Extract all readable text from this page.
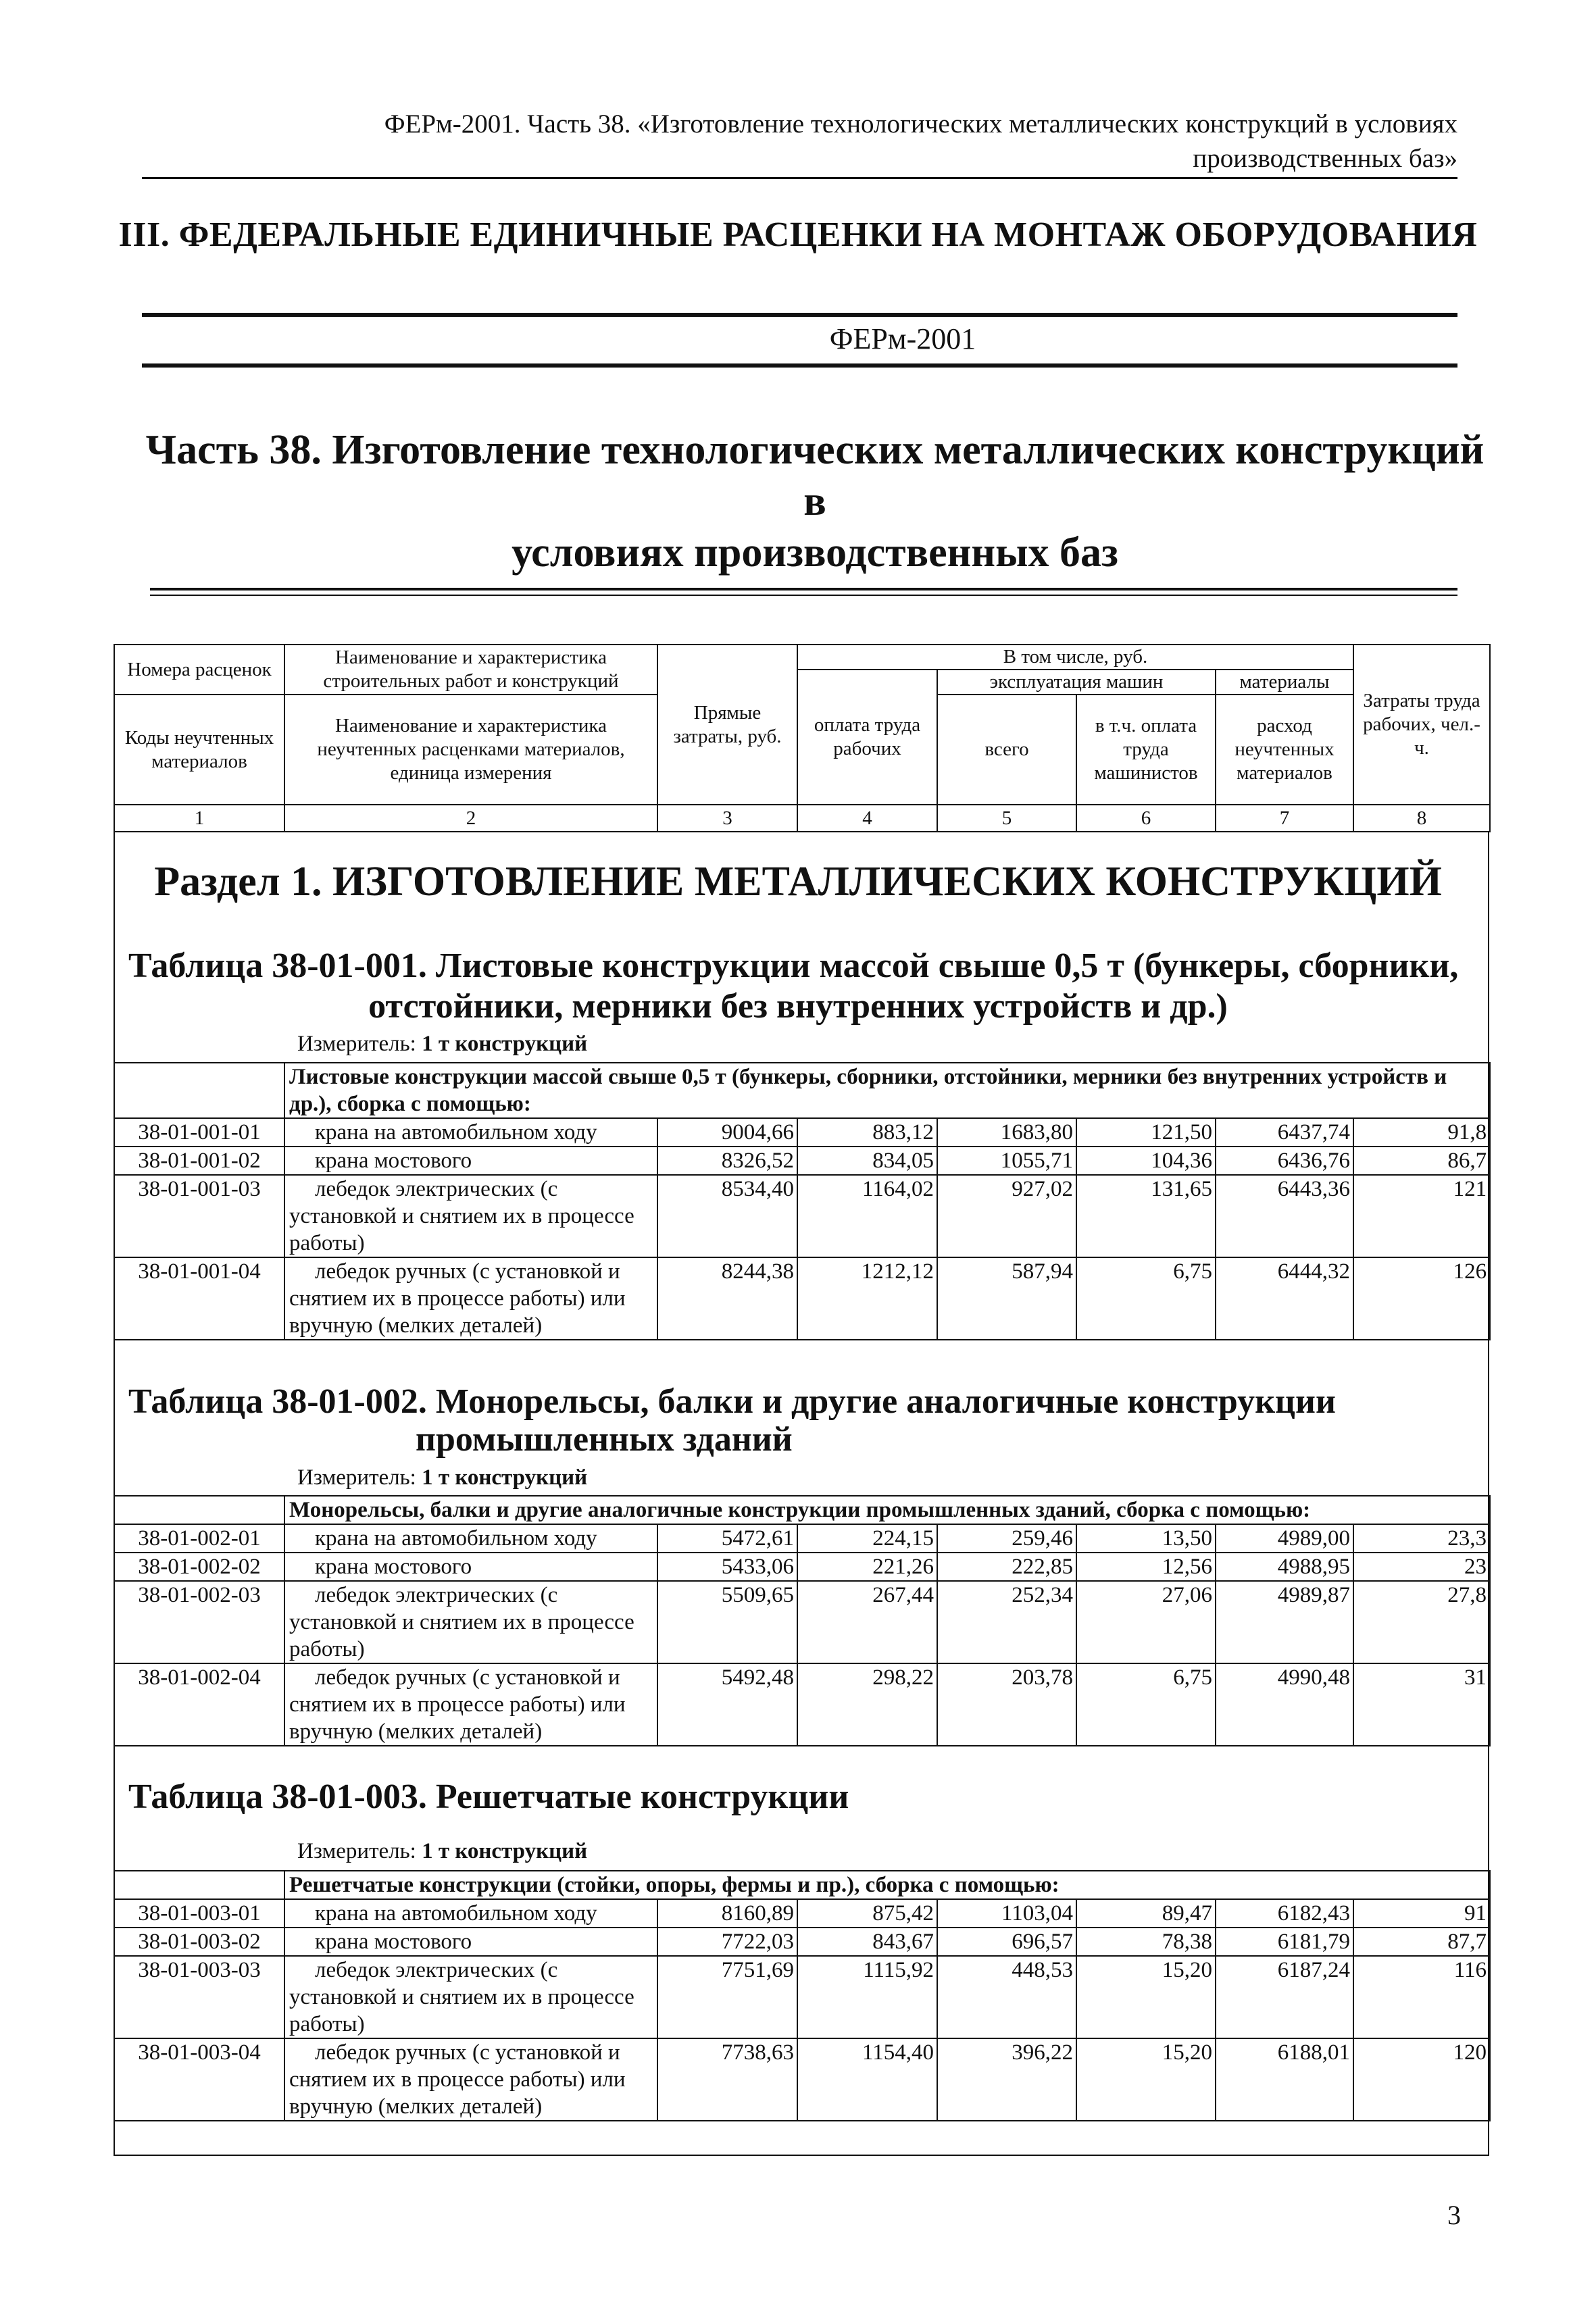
ФЕРм-2001. Часть 38. «Изготовление технологических металлических конструкций в условиях
производственных баз»
III. ФЕДЕРАЛЬНЫЕ ЕДИНИЧНЫЕ РАСЦЕНКИ НА МОНТАЖ ОБОРУДОВАНИЯ
ФЕРм-2001
Часть 38. Изготовление технологических металлических конструкций в
условиях производственных баз
Номера расценок	Наименование и характеристика строительных работ и конструкций	Прямые затраты, руб.	В том числе, руб.				Затраты труда рабочих, чел.-ч.
			оплата труда рабочих	эксплуатация машин		материалы	
Коды неучтенных материалов	Наименование и характеристика неучтенных расценками материалов, единица измерения			всего	в т.ч. оплата труда машинистов	расход неучтенных материалов	

1	2	3	4	5	6	7	8
Раздел 1. ИЗГОТОВЛЕНИЕ МЕТАЛЛИЧЕСКИХ КОНСТРУКЦИЙ
Таблица 38-01-001. Листовые конструкции массой свыше 0,5 т (бункеры, сборники,
отстойники, мерники без внутренних устройств и др.)
Измеритель: 1 т конструкций
	Листовые конструкции массой свыше 0,5 т (бункеры, сборники, отстойники, мерники без внутренних устройств и др.), сборка с помощью:						
38-01-001-01	крана на автомобильном ходу	9004,66	883,12	1683,80	121,50	6437,74	91,8
38-01-001-02	крана мостового	8326,52	834,05	1055,71	104,36	6436,76	86,7
38-01-001-03	лебедок электрических (с установкой и снятием их в процессе работы)	8534,40	1164,02	927,02	131,65	6443,36	121
38-01-001-04	лебедок ручных (с установкой и снятием их в процессе работы) или вручную (мелких деталей)	8244,38	1212,12	587,94	6,75	6444,32	126
Таблица 38-01-002. Монорельсы, балки и другие аналогичные конструкции
промышленных зданий
Измеритель: 1 т конструкций
	Монорельсы, балки и другие аналогичные конструкции промышленных зданий, сборка с помощью:						
38-01-002-01	крана на автомобильном ходу	5472,61	224,15	259,46	13,50	4989,00	23,3
38-01-002-02	крана мостового	5433,06	221,26	222,85	12,56	4988,95	23
38-01-002-03	лебедок электрических (с установкой и снятием их в процессе работы)	5509,65	267,44	252,34	27,06	4989,87	27,8
38-01-002-04	лебедок ручных (с установкой и снятием их в процессе работы) или вручную (мелких деталей)	5492,48	298,22	203,78	6,75	4990,48	31
Таблица 38-01-003. Решетчатые конструкции
Измеритель: 1 т конструкций
	Решетчатые конструкции (стойки, опоры, фермы и пр.), сборка с помощью:						
38-01-003-01	крана на автомобильном ходу	8160,89	875,42	1103,04	89,47	6182,43	91
38-01-003-02	крана мостового	7722,03	843,67	696,57	78,38	6181,79	87,7
38-01-003-03	лебедок электрических (с установкой и снятием их в процессе работы)	7751,69	1115,92	448,53	15,20	6187,24	116
38-01-003-04	лебедок ручных (с установкой и снятием их в процессе работы) или вручную (мелких деталей)	7738,63	1154,40	396,22	15,20	6188,01	120
3
